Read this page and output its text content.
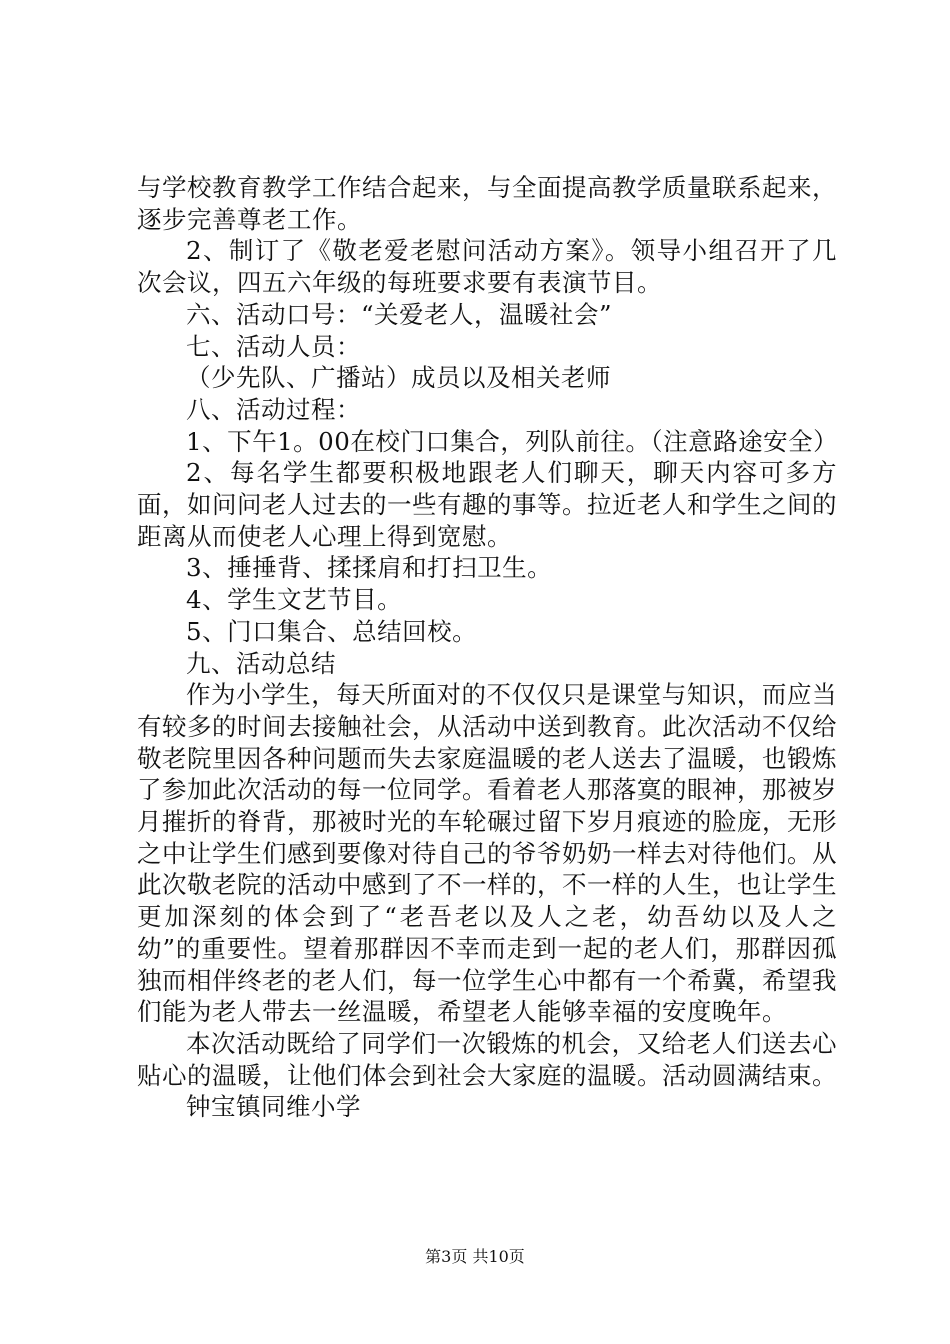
与学校教育教学工作结合起来，与全面提高教学质量联系起来，逐步完善尊老工作。

2、制订了《敬老爱老慰问活动方案》。领导小组召开了几次会议，四五六年级的每班要求要有表演节目。

六、活动口号：“关爱老人，温暖社会”

七、活动人员：

（少先队、广播站）成员以及相关老师

八、活动过程：

1、下午1。00在校门口集合，列队前往。（注意路途安全）

2、每名学生都要积极地跟老人们聊天，聊天内容可多方面，如问问老人过去的一些有趣的事等。拉近老人和学生之间的距离从而使老人心理上得到宽慰。

3、捶捶背、揉揉肩和打扫卫生。

4、学生文艺节目。

5、门口集合、总结回校。

九、活动总结

作为小学生，每天所面对的不仅仅只是课堂与知识，而应当有较多的时间去接触社会，从活动中送到教育。此次活动不仅给敬老院里因各种问题而失去家庭温暖的老人送去了温暖，也锻炼了参加此次活动的每一位同学。看着老人那落寞的眼神，那被岁月摧折的脊背，那被时光的车轮碾过留下岁月痕迹的脸庞，无形之中让学生们感到要像对待自己的爷爷奶奶一样去对待他们。从此次敬老院的活动中感到了不一样的，不一样的人生，也让学生更加深刻的体会到了“老吾老以及人之老，幼吾幼以及人之幼”的重要性。望着那群因不幸而走到一起的老人们，那群因孤独而相伴终老的老人们，每一位学生心中都有一个希冀，希望我们能为老人带去一丝温暖，希望老人能够幸福的安度晚年。

本次活动既给了同学们一次锻炼的机会，又给老人们送去心贴心的温暖，让他们体会到社会大家庭的温暖。活动圆满结束。

钟宝镇同维小学

第3页 共10页
